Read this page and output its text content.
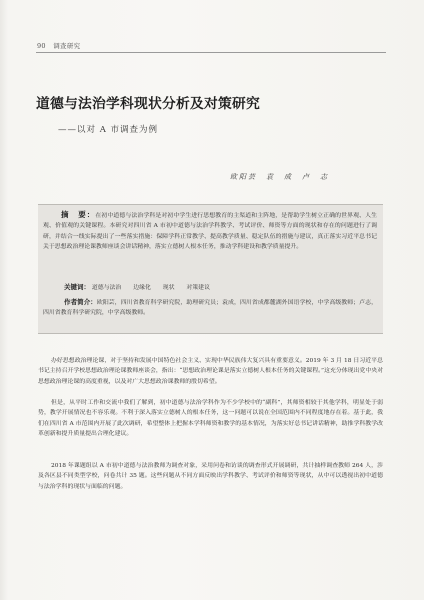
90 调查研究
道德与法治学科现状分析及对策研究
——以对 A 市调查为例
欧阳芸　袁　成　卢　志
摘　要：在初中道德与法治学科是对初中学生进行思想教育的主渠道和主阵地，是帮助学生树立正确的世界观、人生观、价值观的关键课程。本研究对四川省 A 市初中道德与法治学科教学、考试评价、师资等方面的现状和存在的问题进行了调研，并结合一线实际提出了一些落实措施：保障学科正常教学、提高教学质量、稳定队伍的措施与建议，真正落实习近平总书记关于思想政治理论课教师座谈会讲话精神，落实立德树人根本任务，推动学科建设和教学质量提升。
关键词： 道德与法治 边缘化 现状 对策建议
作者简介：欧阳芸，四川省教育科学研究院，助理研究员；袁成，四川省成都麓湖外国语学校，中学高级教师；卢志，四川省教育科学研究院，中学高级教师。

办好思想政治理论课，对于坚持和发展中国特色社会主义、实现中华民族伟大复兴具有重要意义。2019 年 3 月 18 日习近平总书记主持召开学校思想政治理论课教师座谈会，指出：“思想政治理论课是落实立德树人根本任务的关键课程。”这充分体现出党中央对思想政治理论课的高度重视，以及对广大思想政治课教师的殷切希望。

但是，从平时工作和交流中我们了解到，初中道德与法治学科作为不少学校中的“副科”，其师资相较于其他学科，明显处于弱势，教学开展情况也不容乐观。不利于深入落实立德树人的根本任务，这一问题可以说在全国范围内不同程度地存在着。基于此，我们在四川省 A 市范围内开展了此次调研，希望整体上把握本学科师资和教学的基本情况，为落实好总书记讲话精神，助推学科教学改革创新和提升质量提出合理化建议。

2018 年课题组以 A 市初中道德与法治教师为调查对象，采用问卷和访谈的调查形式开展调研，共计抽样调查教师 264 人，涉及各区县不同类型学校，问卷共计 35 题。这些问题从不同方面反映出学科教学、考试评价和师资等现状，从中可以透视出初中道德与法治学科的现状与面临的问题。
